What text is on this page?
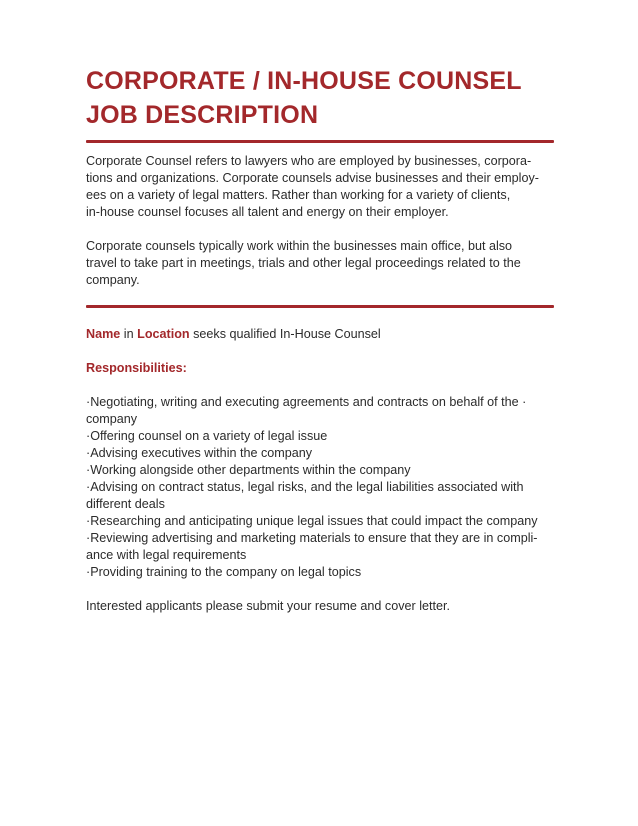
CORPORATE / IN-HOUSE COUNSEL
JOB DESCRIPTION
Corporate Counsel refers to lawyers who are employed by businesses, corpora-
tions and organizations. Corporate counsels advise businesses and their employ-
ees on a variety of legal matters. Rather than working for a variety of clients,
in-house counsel focuses all talent and energy on their employer.
Corporate counsels typically work within the businesses main office, but also
travel to take part in meetings, trials and other legal proceedings related to the
company.
Name in Location seeks qualified In-House Counsel
Responsibilities:
·Negotiating, writing and executing agreements and contracts on behalf of the ·
company
·Offering counsel on a variety of legal issue
·Advising executives within the company
·Working alongside other departments within the company
·Advising on contract status, legal risks, and the legal liabilities associated with
different deals
·Researching and anticipating unique legal issues that could impact the company
·Reviewing advertising and marketing materials to ensure that they are in compli-
ance with legal requirements
·Providing training to the company on legal topics
Interested applicants please submit your resume and cover letter.
